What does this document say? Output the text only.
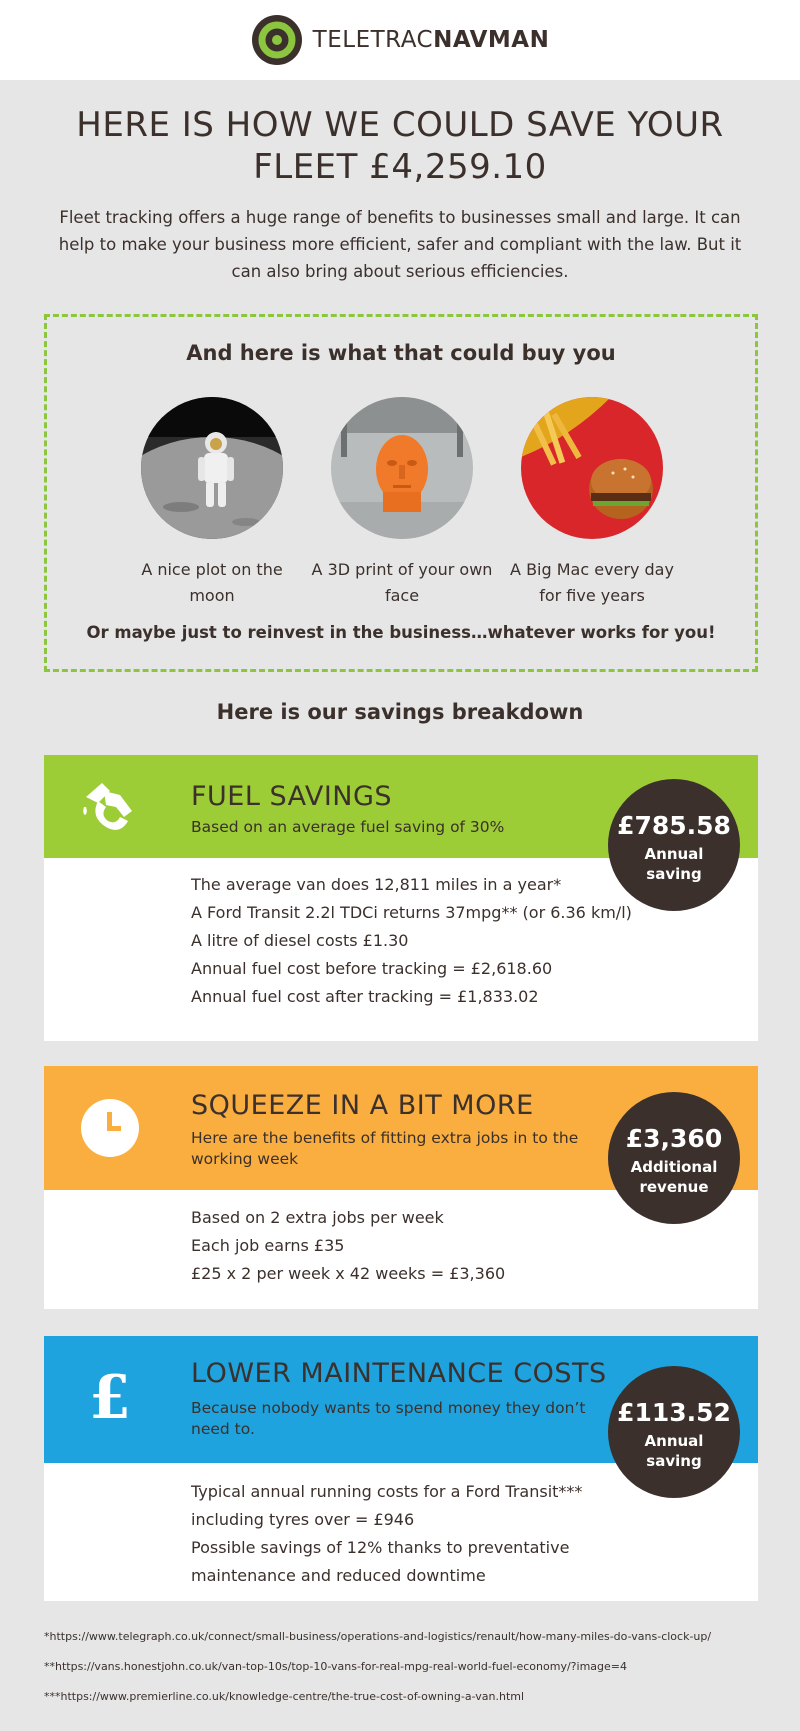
TELETRACNAVMAN
HERE IS HOW WE COULD SAVE YOUR FLEET £4,259.10

Fleet tracking offers a huge range of benefits to businesses small and large. It can help to make your business more efficient, safer and compliant with the law. But it can also bring about serious efficiencies.

And here is what that could buy you
A nice plot on the moon
A 3D print of your own face
A Big Mac every day for five years
Or maybe just to reinvest in the business…whatever works for you!
Here is our savings breakdown
FUEL SAVINGS
Based on an average fuel saving of 30%
The average van does 12,811 miles in a year*
A Ford Transit 2.2l TDCi returns 37mpg** (or 6.36 km/l)
A litre of diesel costs £1.30
Annual fuel cost before tracking = £2,618.60
Annual fuel cost after tracking = £1,833.02
£785.58
Annual
saving
SQUEEZE IN A BIT MORE
Here are the benefits of fitting extra jobs in to the working week
Based on 2 extra jobs per week
Each job earns £35
£25 x 2 per week x 42 weeks = £3,360
£3,360
Additional
revenue
£ LOWER MAINTENANCE COSTS
Because nobody wants to spend money they don’t need to.
Typical annual running costs for a Ford Transit***
including tyres over = £946
Possible savings of 12% thanks to preventative
maintenance and reduced downtime
£113.52
Annual
saving
*https://www.telegraph.co.uk/connect/small-business/operations-and-logistics/renault/how-many-miles-do-vans-clock-up/
**https://vans.honestjohn.co.uk/van-top-10s/top-10-vans-for-real-mpg-real-world-fuel-economy/?image=4
***https://www.premierline.co.uk/knowledge-centre/the-true-cost-of-owning-a-van.html
